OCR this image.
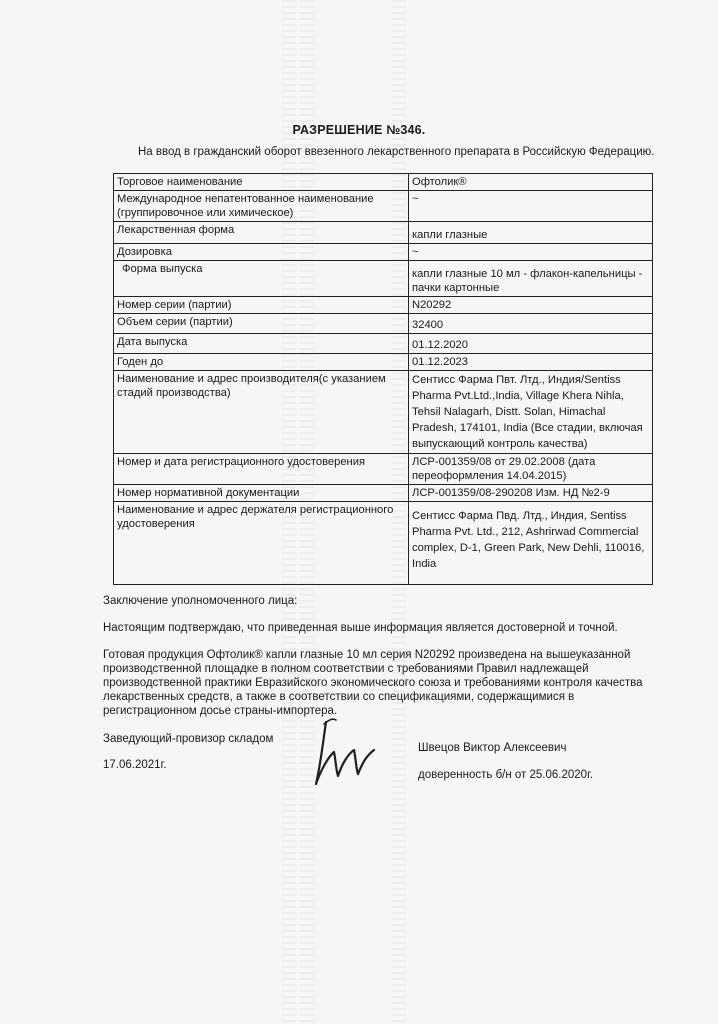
РАЗРЕШЕНИЕ №346.
На ввод в гражданский оборот ввезенного лекарственного препарата в Российскую Федерацию.
Торговое наименование	Офтолик®
Международное непатентованное наименование (группировочное или химическое)	~
Лекарственная форма	капли глазные
Дозировка	~
Форма выпуска	капли глазные 10 мл - флакон-капельницы - пачки картонные
Номер серии (партии)	N20292
Объем серии (партии)	32400
Дата выпуска	01.12.2020
Годен до	01.12.2023
Наименование и адрес производителя(с указанием стадий производства)	Сентисс Фарма Пвт. Лтд., Индия/Sentiss Pharma Pvt.Ltd.,India, Village Khera Nihla, Tehsil Nalagarh, Distt. Solan, Himachal Pradesh, 174101, India (Все стадии, включая выпускающий контроль качества)
Номер и дата регистрационного удостоверения	ЛСР-001359/08 от 29.02.2008 (дата переоформления 14.04.2015)
Номер нормативной документации	ЛСР-001359/08-290208 Изм. НД №2-9
Наименование и адрес держателя регистрационного удостоверения	Сентисс Фарма Пвд. Лтд., Индия, Sentiss Pharma Pvt. Ltd., 212, Ashrirwad Commercial complex, D-1, Green Park, New Dehli, 110016, India
Заключение уполномоченного лица:
Настоящим подтверждаю, что приведенная выше информация является достоверной и точной.
Готовая продукция Офтолик® капли глазные 10 мл серия N20292 произведена на вышеуказанной производственной площадке в полном соответствии с требованиями Правил надлежащей производственной практики Евразийского экономического союза и требованиями контроля качества лекарственных средств, а также в соответствии со спецификациями, содержащимися в регистрационном досье страны-импортера.
Заведующий-провизор складом
17.06.2021г.
Швецов Виктор Алексеевич
доверенность б/н от 25.06.2020г.
